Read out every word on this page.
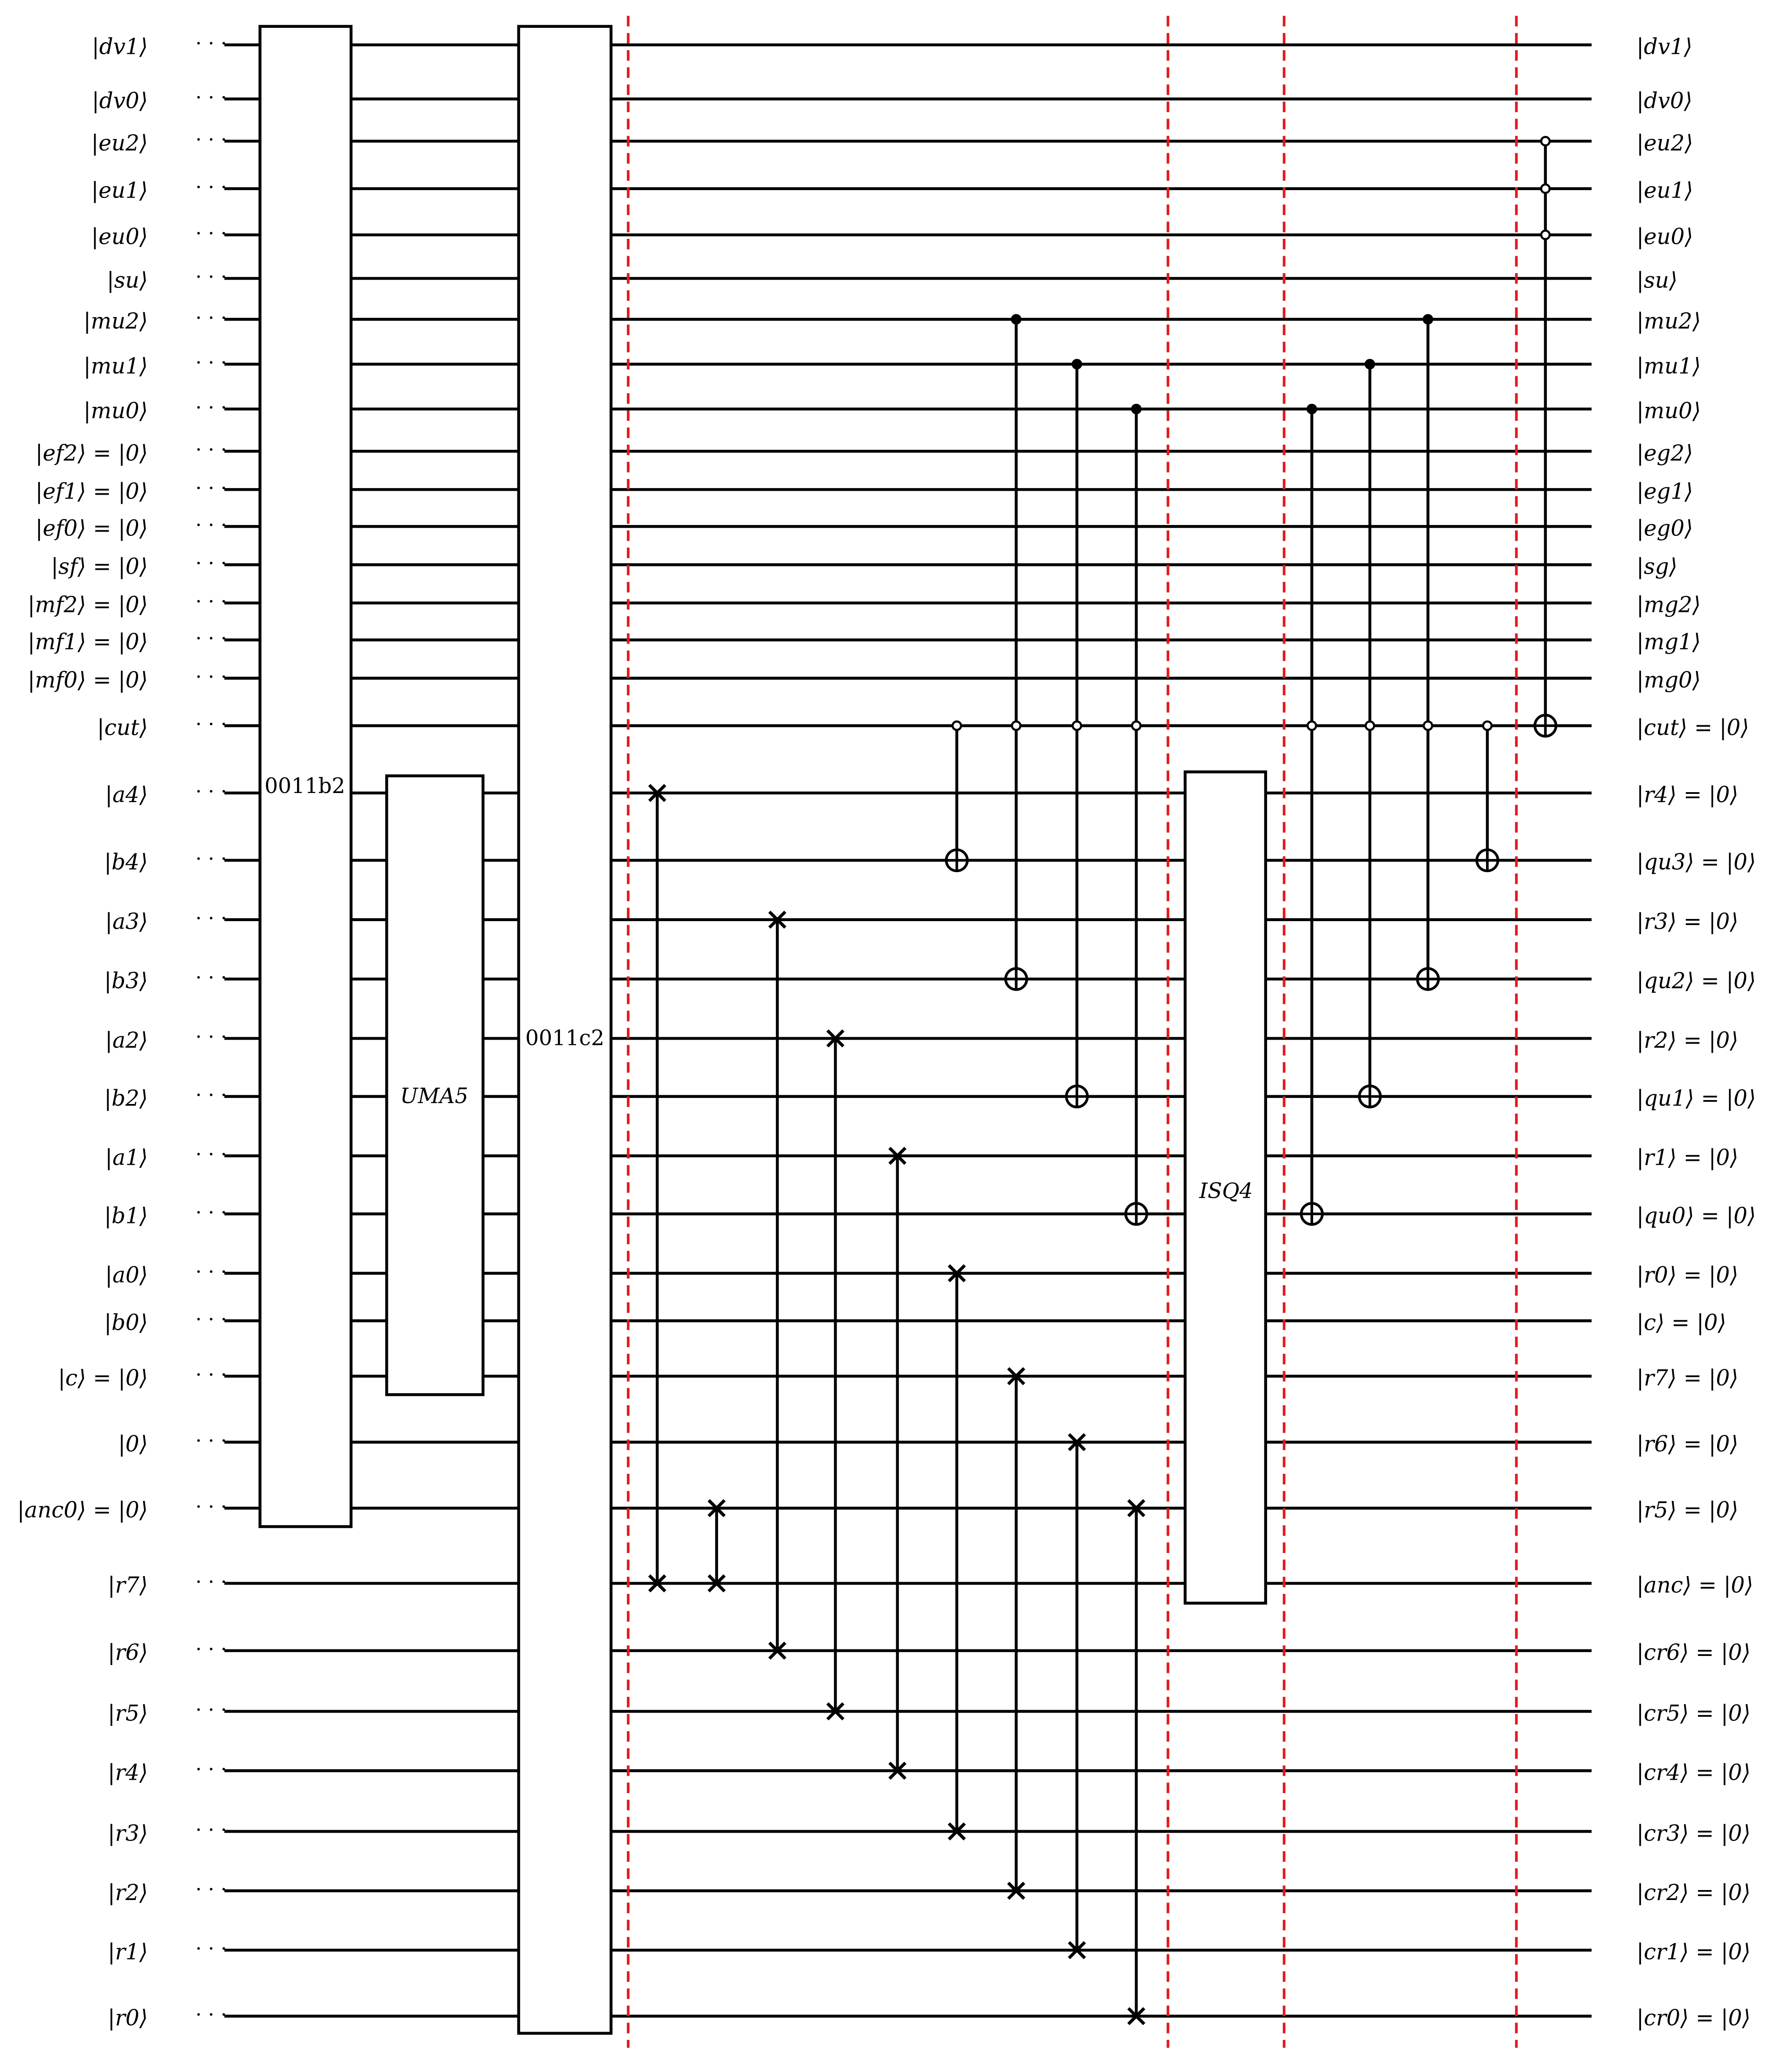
0011b2
UMA5
0011c2
ISQ4
|dv1⟩ · · ·	|dv1⟩
|dv0⟩ · · ·	|dv0⟩
|eu2⟩ · · ·	|eu2⟩
|eu1⟩ · · ·	|eu1⟩
|eu0⟩ · · ·	|eu0⟩
|su⟩ · · ·	|su⟩
|mu2⟩ · · ·	|mu2⟩
|mu1⟩ · · ·	|mu1⟩
|mu0⟩ · · ·	|mu0⟩
|ef2⟩ = |0⟩ · · ·	|eg2⟩
|ef1⟩ = |0⟩ · · ·	|eg1⟩
|ef0⟩ = |0⟩ · · ·	|eg0⟩
|sf⟩ = |0⟩ · · ·	|sg⟩
|mf2⟩ = |0⟩ · · ·	|mg2⟩
|mf1⟩ = |0⟩ · · ·	|mg1⟩
|mf0⟩ = |0⟩ · · ·	|mg0⟩
|cut⟩ · · ·	|cut⟩ = |0⟩
|a4⟩ · · ·	|r4⟩ = |0⟩
|b4⟩ · · ·	|qu3⟩ = |0⟩
|a3⟩ · · ·	|r3⟩ = |0⟩
|b3⟩ · · ·	|qu2⟩ = |0⟩
|a2⟩ · · ·	|r2⟩ = |0⟩
|b2⟩ · · ·	|qu1⟩ = |0⟩
|a1⟩ · · ·	|r1⟩ = |0⟩
|b1⟩ · · ·	|qu0⟩ = |0⟩
|a0⟩ · · ·	|r0⟩ = |0⟩
|b0⟩ · · ·	|c⟩ = |0⟩
|c⟩ = |0⟩ · · ·	|r7⟩ = |0⟩
|0⟩ · · ·	|r6⟩ = |0⟩
|anc0⟩ = |0⟩ · · ·	|r5⟩ = |0⟩
|r7⟩ · · ·	|anc⟩ = |0⟩
|r6⟩ · · ·	|cr6⟩ = |0⟩
|r5⟩ · · ·	|cr5⟩ = |0⟩
|r4⟩ · · ·	|cr4⟩ = |0⟩
|r3⟩ · · ·	|cr3⟩ = |0⟩
|r2⟩ · · ·	|cr2⟩ = |0⟩
|r1⟩ · · ·	|cr1⟩ = |0⟩
|r0⟩ · · ·	|cr0⟩ = |0⟩
